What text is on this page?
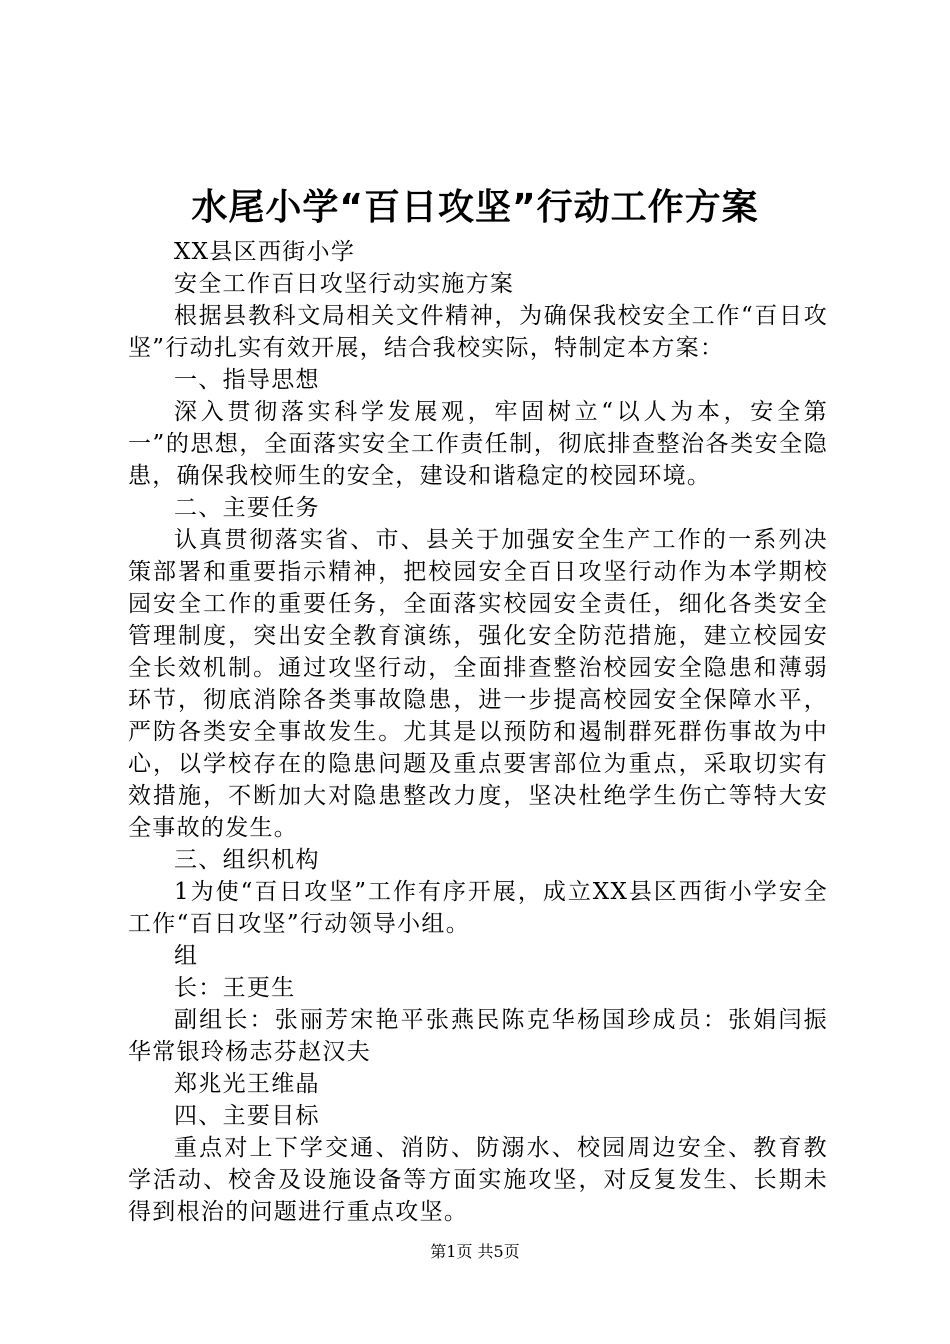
水尾小学“百日攻坚”行动工作方案

XX县区西街小学

安全工作百日攻坚行动实施方案

根据县教科文局相关文件精神，为确保我校安全工作“百日攻坚”行动扎实有效开展，结合我校实际，特制定本方案：

一、指导思想

深入贯彻落实科学发展观，牢固树立“以人为本，安全第一”的思想，全面落实安全工作责任制，彻底排查整治各类安全隐患，确保我校师生的安全，建设和谐稳定的校园环境。

二、主要任务

认真贯彻落实省、市、县关于加强安全生产工作的一系列决策部署和重要指示精神，把校园安全百日攻坚行动作为本学期校园安全工作的重要任务，全面落实校园安全责任，细化各类安全管理制度，突出安全教育演练，强化安全防范措施，建立校园安全长效机制。通过攻坚行动，全面排查整治校园安全隐患和薄弱环节，彻底消除各类事故隐患，进一步提高校园安全保障水平，严防各类安全事故发生。尤其是以预防和遏制群死群伤事故为中心，以学校存在的隐患问题及重点要害部位为重点，采取切实有效措施，不断加大对隐患整改力度，坚决杜绝学生伤亡等特大安全事故的发生。

三、组织机构

1为使“百日攻坚”工作有序开展，成立XX县区西街小学安全工作“百日攻坚”行动领导小组。

组

长：王更生

副组长：张丽芳宋艳平张燕民陈克华杨国珍成员：张娟闫振华常银玲杨志芬赵汉夫

郑兆光王维晶

四、主要目标

重点对上下学交通、消防、防溺水、校园周边安全、教育教学活动、校舍及设施设备等方面实施攻坚，对反复发生、长期未得到根治的问题进行重点攻坚。

第1页 共5页
